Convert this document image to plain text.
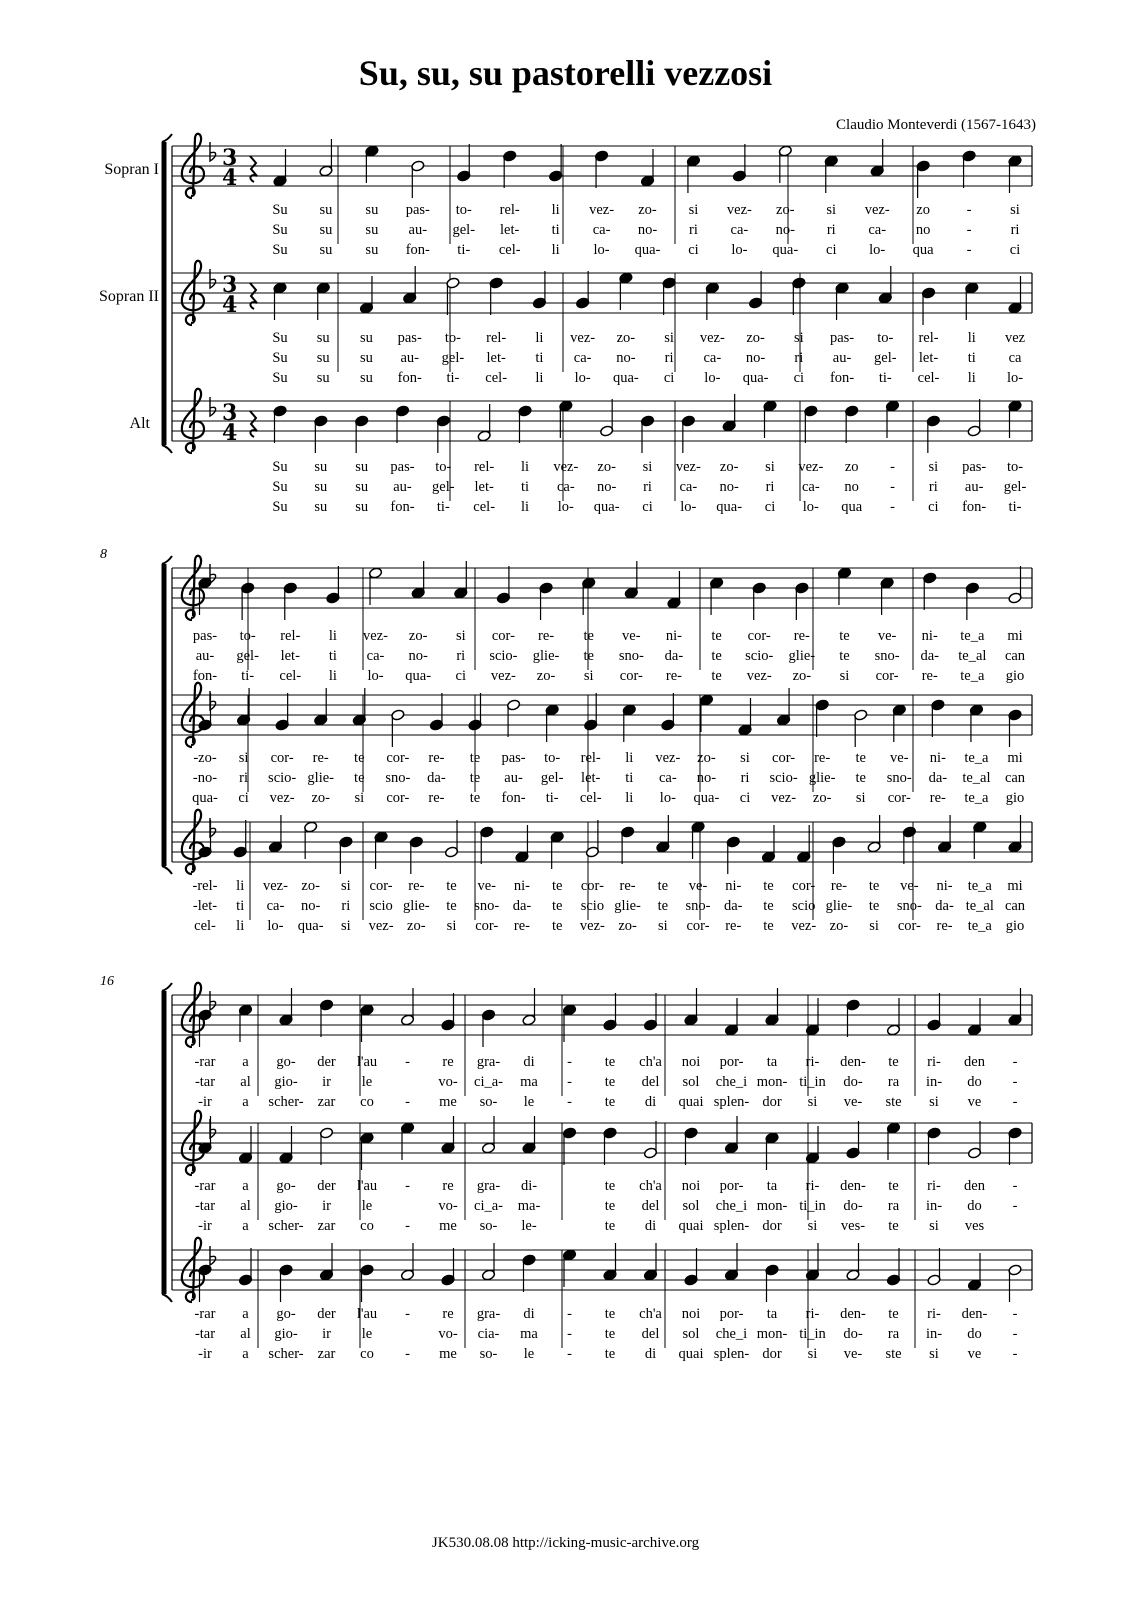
Su, su, su pastorelli vezzosi
Claudio Monteverdi (1567-1643)
JK530.08.08 http://icking-music-archive.org
Sopran I
Sopran II
Alt
8
16
3
4
3
4
3
4
Su su su pas- to- rel- li vez- zo- si vez- zo- si vez- zo	-	si
Su su su au- gel- let- ti ca- no- ri ca- no- ri ca- no	-	ri
Su su su fon- ti- cel- li lo- qua- ci lo- qua- ci lo- qua -	ci
Su su su pas- to- rel- li vez- zo- si vez- zo- si pas- to- rel- li vez
Su su su au- gel- let- ti ca- no- ri ca- no- ri au- gel- let- ti ca
Su su su fon- ti- cel- li lo- qua- ci lo- qua- ci fon- ti- cel- li lo-
Su su su pas- to- rel- li vez- zo- si vez- zo- si vez- zo - si pas- to-
Su su su au- gel- let- ti ca- no- ri ca- no- ri ca- no - ri au- gel-
Su su su fon- ti- cel- li lo- qua- ci lo- qua- ci lo- qua - ci fon- ti-
pas- to- rel- li vez- zo- si cor- re- te ve- ni- te cor- re- te ve- ni- te_a mi
au- gel- let- ti ca- no- ri scio- glie- te sno- da- te scio- glie- te sno- da- te_al can
fon- ti- cel- li lo- qua- ci vez- zo- si cor- re- te vez- zo- si cor- re- te_a gio
-zo- si cor- re- te cor- re- te pas- to- rel- li vez- zo- si cor- re- te ve- ni- te_a mi
-no- ri scio- glie- te sno- da- te au- gel- let- ti ca- no- ri scio- glie- te sno- da- te_al can
qua- ci vez- zo- si cor- re- te fon- ti- cel- li lo- qua- ci vez- zo- si cor- re- te_a gio
-rel- li vez- zo- si cor- re- te ve- ni- te cor- re- te ve- ni- te cor- re- te ve- ni- te_a mi
-let- ti ca- no- ri scio glie- te sno- da- te scio glie- te sno- da- te scio glie- te sno- da- te_al can
cel- li lo- qua- si vez- zo- si cor- re- te vez- zo- si cor- re- te vez- zo- si cor- re- te_a gio
-rar a go- der l'au - re gra- di - te ch'a noi por- ta ri- den- te ri- den -
-tar al gio- ir le	vo- ci_a- ma - te del sol che_i mon- ti_in do- ra in- do -
-ir a scher- zar co - me so- le - te di quai splen- dor si ve- ste si ve -
-rar a go- der l'au - re gra- di-	te ch'a noi por- ta ri- den- te ri- den -
-tar al gio- ir le	vo- ci_a- ma-	te del sol che_i mon- ti_in do- ra in- do -
-ir a scher- zar co - me so- le-	te di quai splen- dor si ves- te si ves
-rar a go- der l'au - re gra- di - te ch'a noi por- ta ri- den- te ri- den- -
-tar al gio- ir le	vo- cia- ma - te del sol che_i mon- ti_in do- ra in- do -
-ir a scher- zar co - me so- le - te di quai splen- dor si ve- ste si ve -
